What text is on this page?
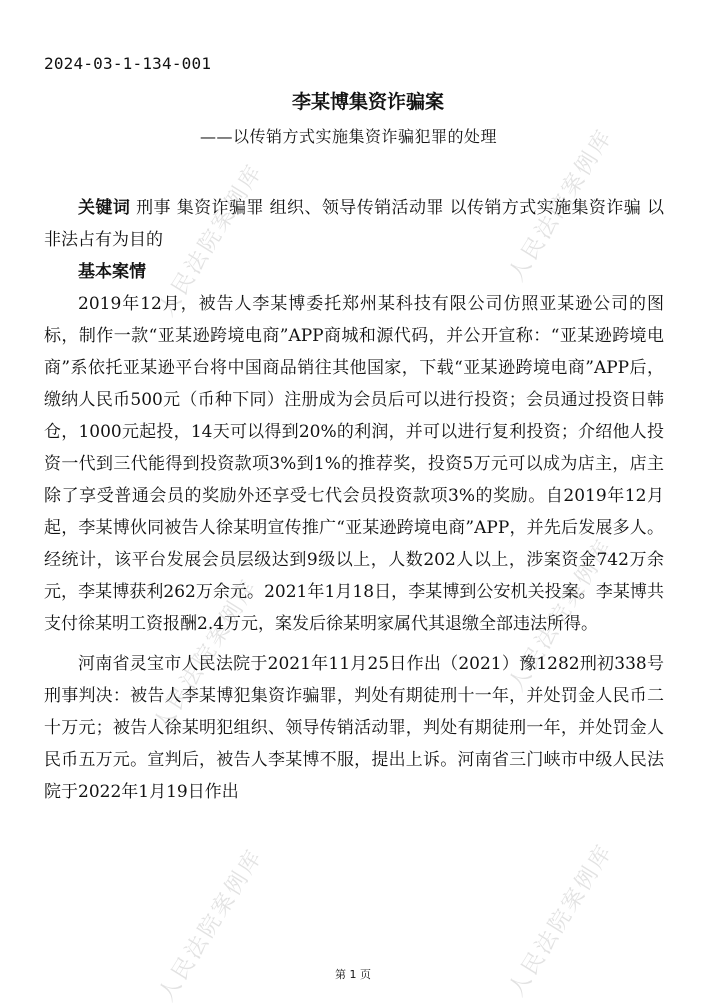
人民法院案例库	人民法院案例库
人民法院案例库	人民法院案例库
人民法院案例库	人民法院案例库
2024-03-1-134-001
李某博集资诈骗案
——以传销方式实施集资诈骗犯罪的处理

关键词 刑事 集资诈骗罪 组织、领导传销活动罪 以传销方式实施集资诈骗 以非法占有为目的

基本案情

2019年12月，被告人李某博委托郑州某科技有限公司仿照亚某逊公司的图标，制作一款“亚某逊跨境电商”APP商城和源代码，并公开宣称：“亚某逊跨境电商”系依托亚某逊平台将中国商品销往其他国家，下载“亚某逊跨境电商”APP后，缴纳人民币500元（币种下同）注册成为会员后可以进行投资；会员通过投资日韩仓，1000元起投，14天可以得到20%的利润，并可以进行复利投资；介绍他人投资一代到三代能得到投资款项3%到1%的推荐奖，投资5万元可以成为店主，店主除了享受普通会员的奖励外还享受七代会员投资款项3%的奖励。自2019年12月起，李某博伙同被告人徐某明宣传推广“亚某逊跨境电商”APP，并先后发展多人。经统计，该平台发展会员层级达到9级以上，人数202人以上，涉案资金742万余元，李某博获利262万余元。2021年1月18日，李某博到公安机关投案。李某博共支付徐某明工资报酬2.4万元，案发后徐某明家属代其退缴全部违法所得。

河南省灵宝市人民法院于2021年11月25日作出（2021）豫1282刑初338号刑事判决：被告人李某博犯集资诈骗罪，判处有期徒刑十一年，并处罚金人民币二十万元；被告人徐某明犯组织、领导传销活动罪，判处有期徒刑一年，并处罚金人民币五万元。宣判后，被告人李某博不服，提出上诉。河南省三门峡市中级人民法院于2022年1月19日作出

第 1 页
